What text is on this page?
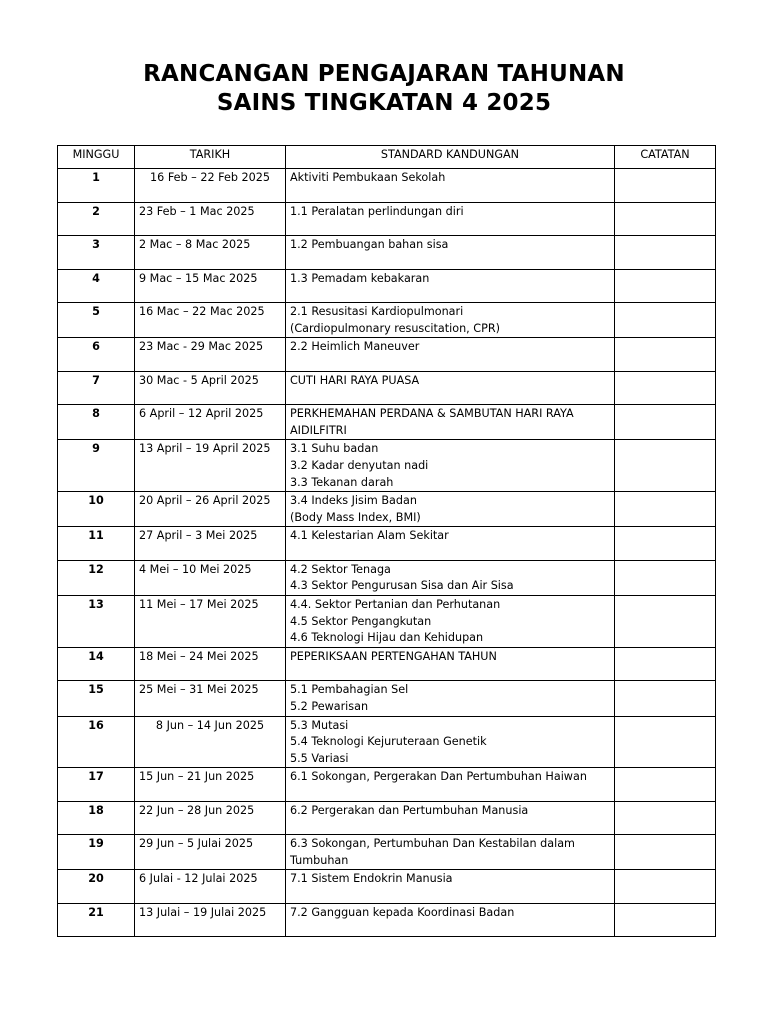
RANCANGAN PENGAJARAN TAHUNAN
SAINS TINGKATAN 4 2025
MINGGU	TARIKH	STANDARD KANDUNGAN	CATATAN
1	16 Feb – 22 Feb 2025	Aktiviti Pembukaan Sekolah	

2	23 Feb – 1 Mac 2025	1.1 Peralatan perlindungan diri	

3	2 Mac – 8 Mac 2025	1.2 Pembuangan bahan sisa	

4	9 Mac – 15 Mac 2025	1.3 Pemadam kebakaran	

5	16 Mac – 22 Mac 2025	2.1 Resusitasi Kardiopulmonari
(Cardiopulmonary resuscitation, CPR)	

6	23 Mac - 29 Mac 2025	2.2 Heimlich Maneuver	

7	30 Mac - 5 April 2025	CUTI HARI RAYA PUASA	

8	6 April – 12 April 2025	PERKHEMAHAN PERDANA & SAMBUTAN HARI RAYA
AIDILFITRI	

9	13 April – 19 April 2025	3.1 Suhu badan
3.2 Kadar denyutan nadi
3.3 Tekanan darah	

10	20 April – 26 April 2025	3.4 Indeks Jisim Badan
(Body Mass Index, BMI)	

11	27 April – 3 Mei 2025	4.1 Kelestarian Alam Sekitar	

12	4 Mei – 10 Mei 2025	4.2 Sektor Tenaga
4.3 Sektor Pengurusan Sisa dan Air Sisa	

13	11 Mei – 17 Mei 2025	4.4. Sektor Pertanian dan Perhutanan
4.5 Sektor Pengangkutan
4.6 Teknologi Hijau dan Kehidupan	

14	18 Mei – 24 Mei 2025	PEPERIKSAAN PERTENGAHAN TAHUN	

15	25 Mei – 31 Mei 2025	5.1 Pembahagian Sel
5.2 Pewarisan	

16	8 Jun – 14 Jun 2025	5.3 Mutasi
5.4 Teknologi Kejuruteraan Genetik
5.5 Variasi	

17	15 Jun – 21 Jun 2025	6.1 Sokongan, Pergerakan Dan Pertumbuhan Haiwan	

18	22 Jun – 28 Jun 2025	6.2 Pergerakan dan Pertumbuhan Manusia	

19	29 Jun – 5 Julai 2025	6.3 Sokongan, Pertumbuhan Dan Kestabilan dalam
Tumbuhan	

20	6 Julai - 12 Julai 2025	7.1 Sistem Endokrin Manusia	

21	13 Julai – 19 Julai 2025	7.2 Gangguan kepada Koordinasi Badan	
